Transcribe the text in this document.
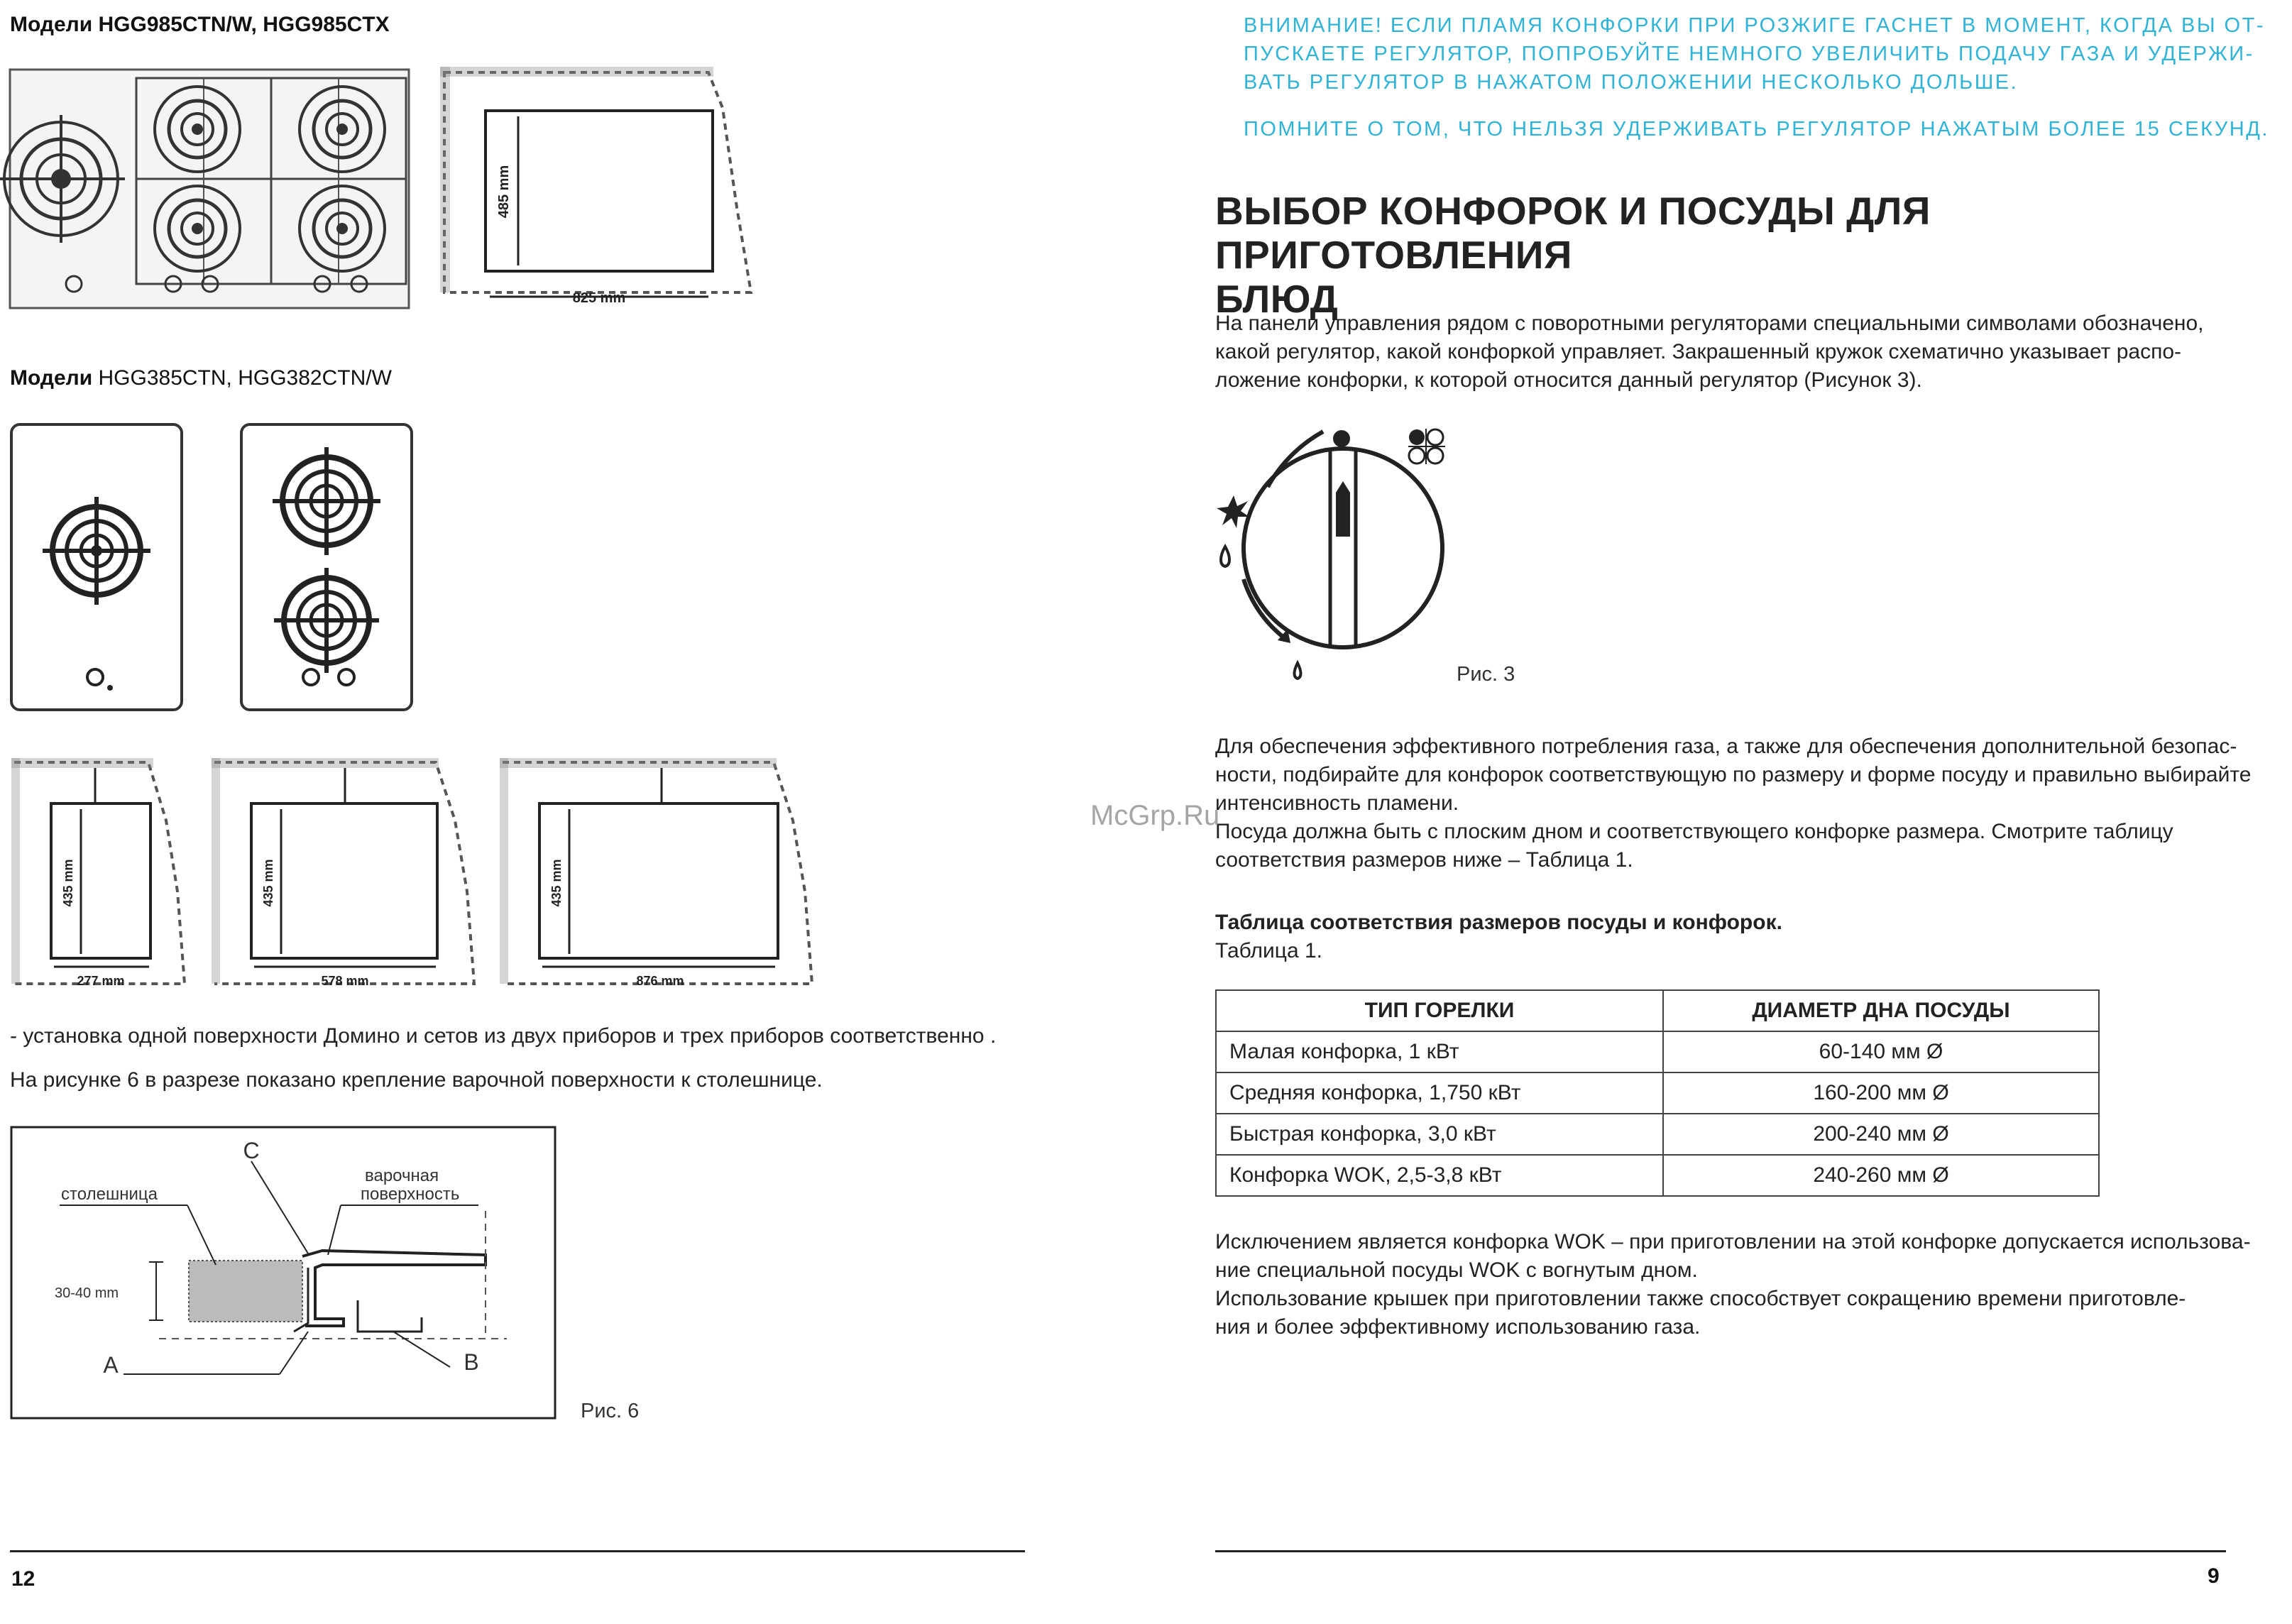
Модели HGG985CTN/W, HGG985CTX
485 mm
825 mm
Модели HGG385CTN, HGG382CTN/W
435 mm
277 mm
435 mm
578 mm
435 mm
876 mm
- установка одной поверхности Домино и сетов из двух приборов и трех приборов соответственно .
На рисунке 6 в разрезе показано крепление варочной поверхности к столешнице.
C
A	B
столешница
варочная
поверхность
30-40 mm
Рис. 6
12
ВНИМАНИЕ! ЕСЛИ ПЛАМЯ КОНФОРКИ ПРИ РОЗЖИГЕ ГАСНЕТ В МОМЕНТ, КОГДА ВЫ ОТ-
ПУСКАЕТЕ РЕГУЛЯТОР, ПОПРОБУЙТЕ НЕМНОГО УВЕЛИЧИТЬ ПОДАЧУ ГАЗА И УДЕРЖИ-
ВАТЬ РЕГУЛЯТОР В НАЖАТОМ ПОЛОЖЕНИИ НЕСКОЛЬКО ДОЛЬШЕ.
ПОМНИТЕ О ТОМ, ЧТО НЕЛЬЗЯ УДЕРЖИВАТЬ РЕГУЛЯТОР НАЖАТЫМ БОЛЕЕ 15 СЕКУНД.
ВЫБОР КОНФОРОК И ПОСУДЫ ДЛЯ ПРИГОТОВЛЕНИЯ
БЛЮД
На панели управления рядом с поворотными регуляторами специальными символами обозначено,
какой регулятор, какой конфоркой управляет. Закрашенный кружок схематично указывает распо-
ложение конфорки, к которой относится данный регулятор (Рисунок 3).
Рис. 3
Для обеспечения эффективного потребления газа, а также для обеспечения дополнительной безопас-
ности, подбирайте для конфорок соответствующую по размеру и форме посуду и правильно выбирайте
интенсивность пламени.
Посуда должна быть с плоским дном и соответствующего конфорке размера. Смотрите таблицу
соответствия размеров ниже – Таблица 1.
Таблица соответствия размеров посуды и конфорок.
Таблица 1.
ТИП ГОРЕЛКИ	ДИАМЕТР ДНА ПОСУДЫ
Малая конфорка, 1 кВт	60-140 мм Ø
Средняя конфорка, 1,750 кВт	160-200 мм Ø
Быстрая конфорка, 3,0 кВт	200-240 мм Ø
Конфорка WOK, 2,5-3,8 кВт	240-260 мм Ø
Исключением является конфорка WOK – при приготовлении на этой конфорке допускается использова-
ние специальной посуды WOK с вогнутым дном.
Использование крышек при приготовлении также способствует сокращению времени приготовле-
ния и более эффективному использованию газа.
9
McGrp.Ru
